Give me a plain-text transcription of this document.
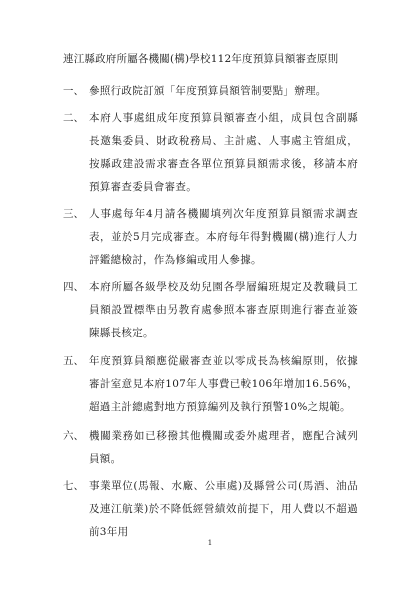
連江縣政府所屬各機關(構)學校112年度預算員額審查原則
一、 參照行政院訂頒「年度預算員額管制要點」辦理。
二、 本府人事處組成年度預算員額審查小組，成員包含副縣長邀集委員、財政稅務局、主計處、人事處主管組成，按縣政建設需求審查各單位預算員額需求後，移請本府預算審查委員會審查。
三、 人事處每年4月請各機關填列次年度預算員額需求調查表，並於5月完成審查。本府每年得對機關(構)進行人力評鑑總檢討，作為修編或用人參據。
四、 本府所屬各級學校及幼兒園各學層編班規定及教職員工員額設置標準由另教育處參照本審查原則進行審查並簽陳縣長核定。
五、 年度預算員額應從嚴審查並以零成長為核編原則，依據審計室意見本府107年人事費已較106年增加16.56%，超過主計總處對地方預算編列及執行預警10%之規範。
六、 機關業務如已移撥其他機關或委外處理者，應配合減列員額。
七、 事業單位(馬報、水廠、公車處)及縣營公司(馬酒、油品及連江航業)於不降低經營績效前提下，用人費以不超過前3年用
1
